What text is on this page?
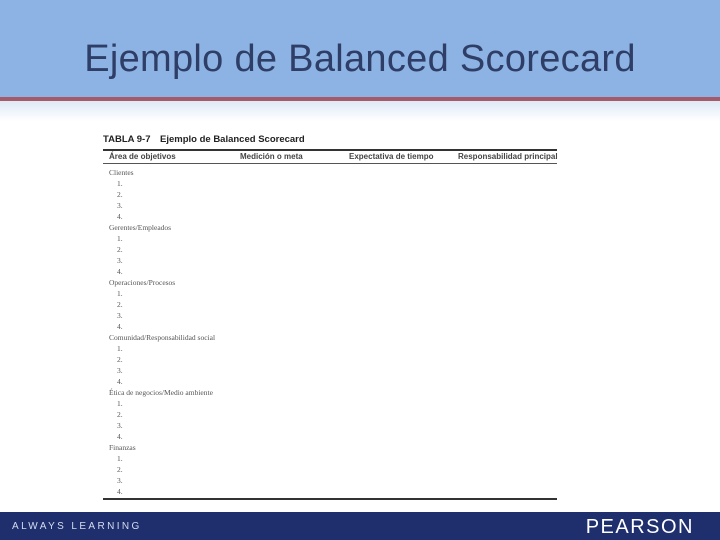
Ejemplo de Balanced Scorecard
TABLA 9-7 Ejemplo de Balanced Scorecard
Área de objetivos	Medición o meta	Expectativa de tiempo	Responsabilidad principal
Clientes
1.
2.
3.
4.
Gerentes/Empleados
1.
2.
3.
4.
Operaciones/Procesos
1.
2.
3.
4.
Comunidad/Responsabilidad social
1.
2.
3.
4.
Ética de negocios/Medio ambiente
1.
2.
3.
4.
Finanzas
1.
2.
3.
4.
ALWAYS LEARNING	PEARSON
